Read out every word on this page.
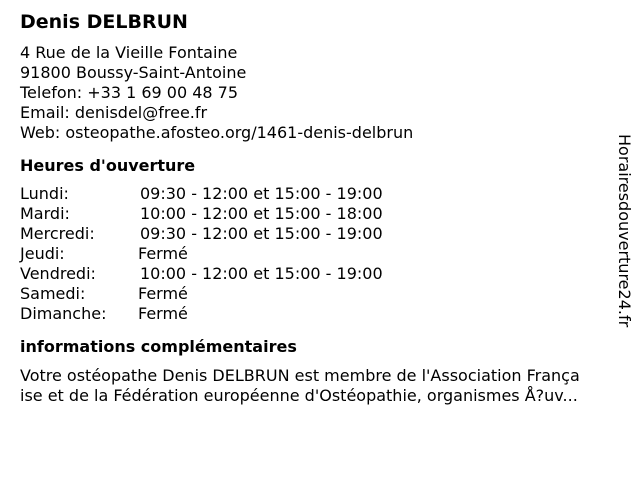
Denis DELBRUN
4 Rue de la Vieille Fontaine
91800 Boussy-Saint-Antoine
Telefon: +33 1 69 00 48 75
Email: denisdel@free.fr
Web: osteopathe.afosteo.org/1461-denis-delbrun
Heures d'ouverture
Lundi:	09:30 - 12:00 et 15:00 - 19:00
Mardi:	10:00 - 12:00 et 15:00 - 18:00
Mercredi:	09:30 - 12:00 et 15:00 - 19:00
Jeudi:	Fermé
Vendredi:	10:00 - 12:00 et 15:00 - 19:00
Samedi:	Fermé
Dimanche: Fermé
informations complémentaires
Votre ostéopathe Denis DELBRUN est membre de l'Association França
ise et de la Fédération européenne d'Ostéopathie, organismes Å?uv...
Horairesdouverture24.fr
